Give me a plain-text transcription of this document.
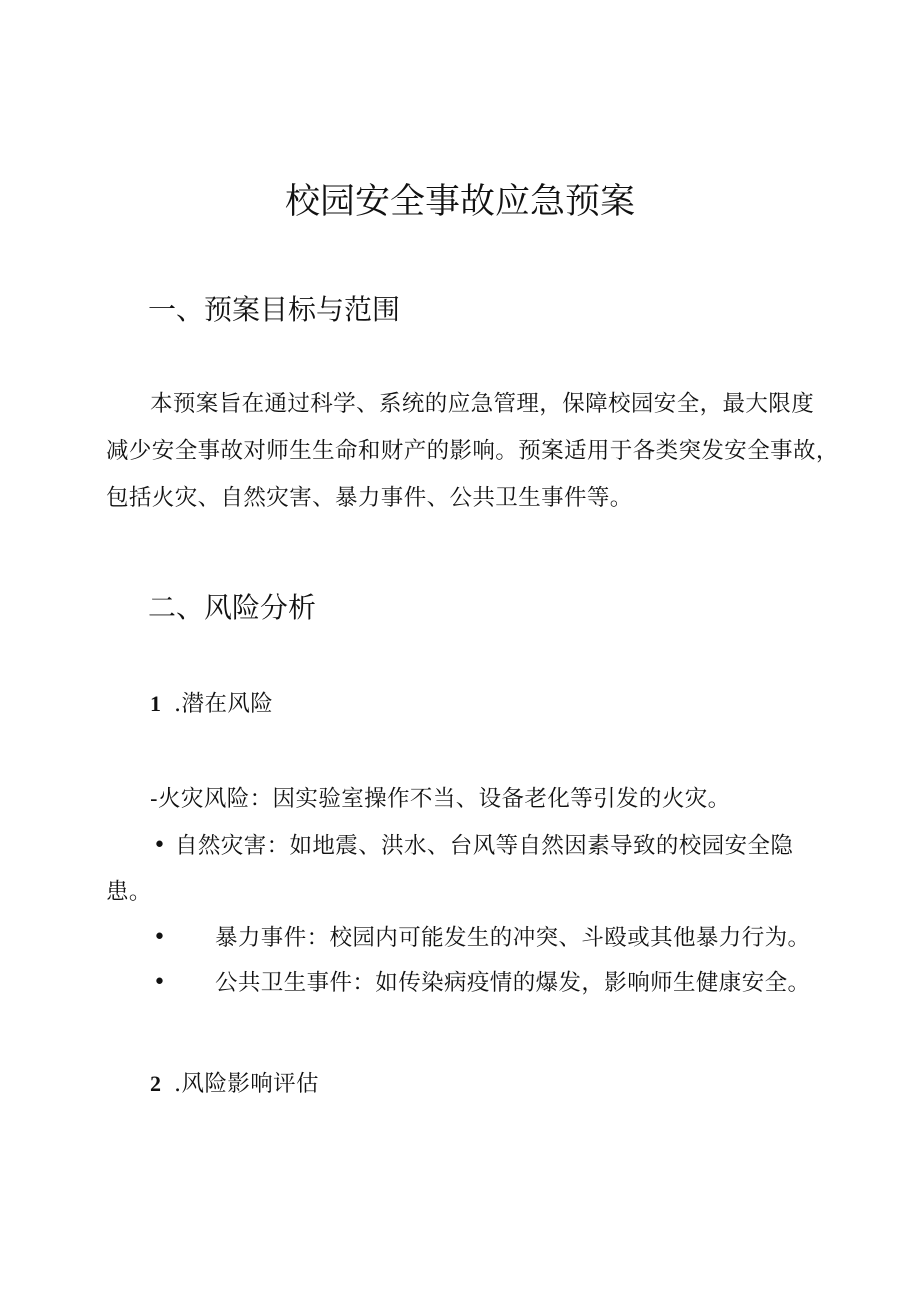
校园安全事故应急预案
一、预案目标与范围
本预案旨在通过科学、系统的应急管理，保障校园安全，最大限度
减少安全事故对师生生命和财产的影响。预案适用于各类突发安全事故，
包括火灾、自然灾害、暴力事件、公共卫生事件等。
二、风险分析
1 .潜在风险
-火灾风险：因实验室操作不当、设备老化等引发的火灾。
• 自然灾害：如地震、洪水、台风等自然因素导致的校园安全隐
患。
• 暴力事件：校园内可能发生的冲突、斗殴或其他暴力行为。
• 公共卫生事件：如传染病疫情的爆发，影响师生健康安全。
2 .风险影响评估
